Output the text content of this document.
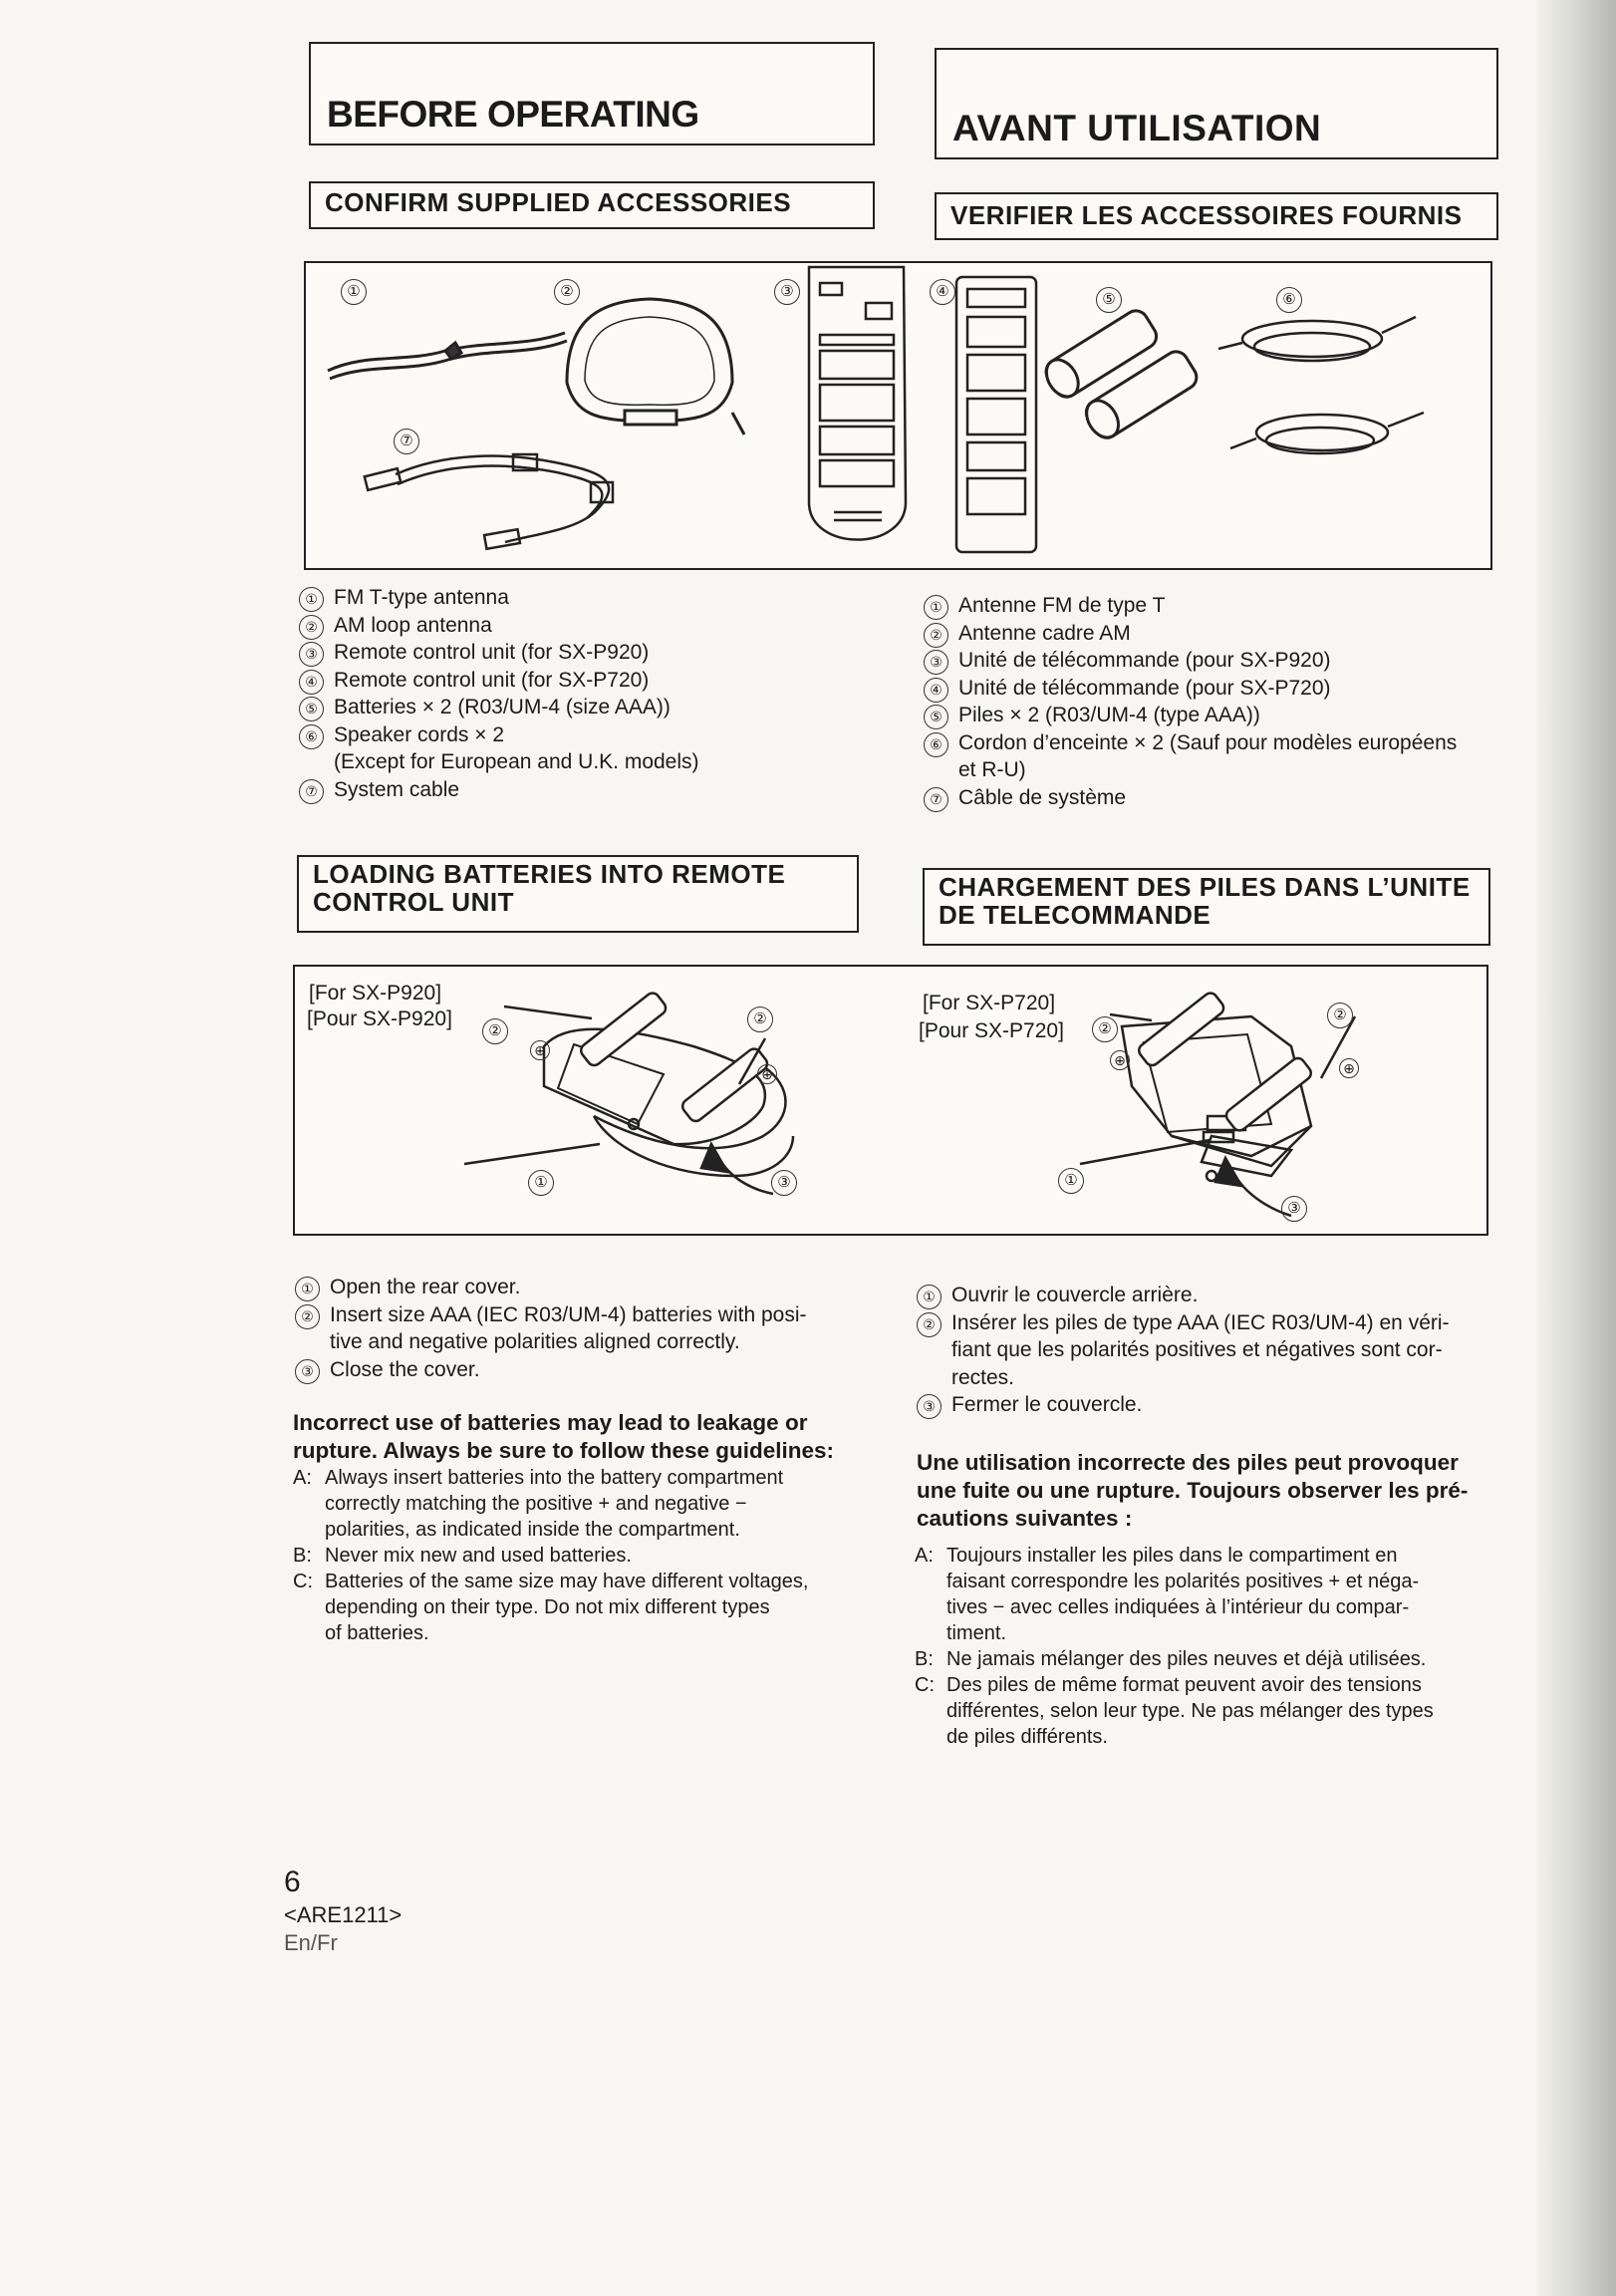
BEFORE OPERATING	AVANT UTILISATION
CONFIRM SUPPLIED ACCESSORIES	VERIFIER LES ACCESSOIRES FOURNIS
①	②	③	④	⑤	⑥
⑦
① FM T-type antenna
② AM loop antenna
③ Remote control unit (for SX-P920)
④ Remote control unit (for SX-P720)
⑤ Batteries × 2 (R03/UM-4 (size AAA))
⑥ Speaker cords × 2
(Except for European and U.K. models)
⑦ System cable
① Antenne FM de type T
② Antenne cadre AM
③ Unité de télécommande (pour SX-P920)
④ Unité de télécommande (pour SX-P720)
⑤ Piles × 2 (R03/UM-4 (type AAA))
⑥ Cordon d’enceinte × 2 (Sauf pour modèles européens
et R-U)
⑦ Câble de système
LOADING BATTERIES INTO REMOTE
CONTROL UNIT	CHARGEMENT DES PILES DANS L’UNITE
DE TELECOMMANDE
[For SX-P920]
[Pour SX-P920]
[For SX-P720]
[Pour SX-P720]
②
⊕
②
⊕
①	③
②
⊕
②
⊕
①
③
① Open the rear cover.
② Insert size AAA (IEC R03/UM-4) batteries with posi-
tive and negative polarities aligned correctly.
③ Close the cover.
① Ouvrir le couvercle arrière.
② Insérer les piles de type AAA (IEC R03/UM-4) en véri-
fiant que les polarités positives et négatives sont cor-
rectes.
③ Fermer le couvercle.
Incorrect use of batteries may lead to leakage or
rupture. Always be sure to follow these guidelines:	Une utilisation incorrecte des piles peut provoquer
une fuite ou une rupture. Toujours observer les pré-
cautions suivantes :
A: Always insert batteries into the battery compartment
correctly matching the positive + and negative −
polarities, as indicated inside the compartment.
B: Never mix new and used batteries.
C: Batteries of the same size may have different voltages,
depending on their type. Do not mix different types
of batteries.
A: Toujours installer les piles dans le compartiment en
faisant correspondre les polarités positives + et néga-
tives − avec celles indiquées à l’intérieur du compar-
timent.
B: Ne jamais mélanger des piles neuves et déjà utilisées.
C: Des piles de même format peuvent avoir des tensions
différentes, selon leur type. Ne pas mélanger des types
de piles différents.
6
<ARE1211>
En/Fr
